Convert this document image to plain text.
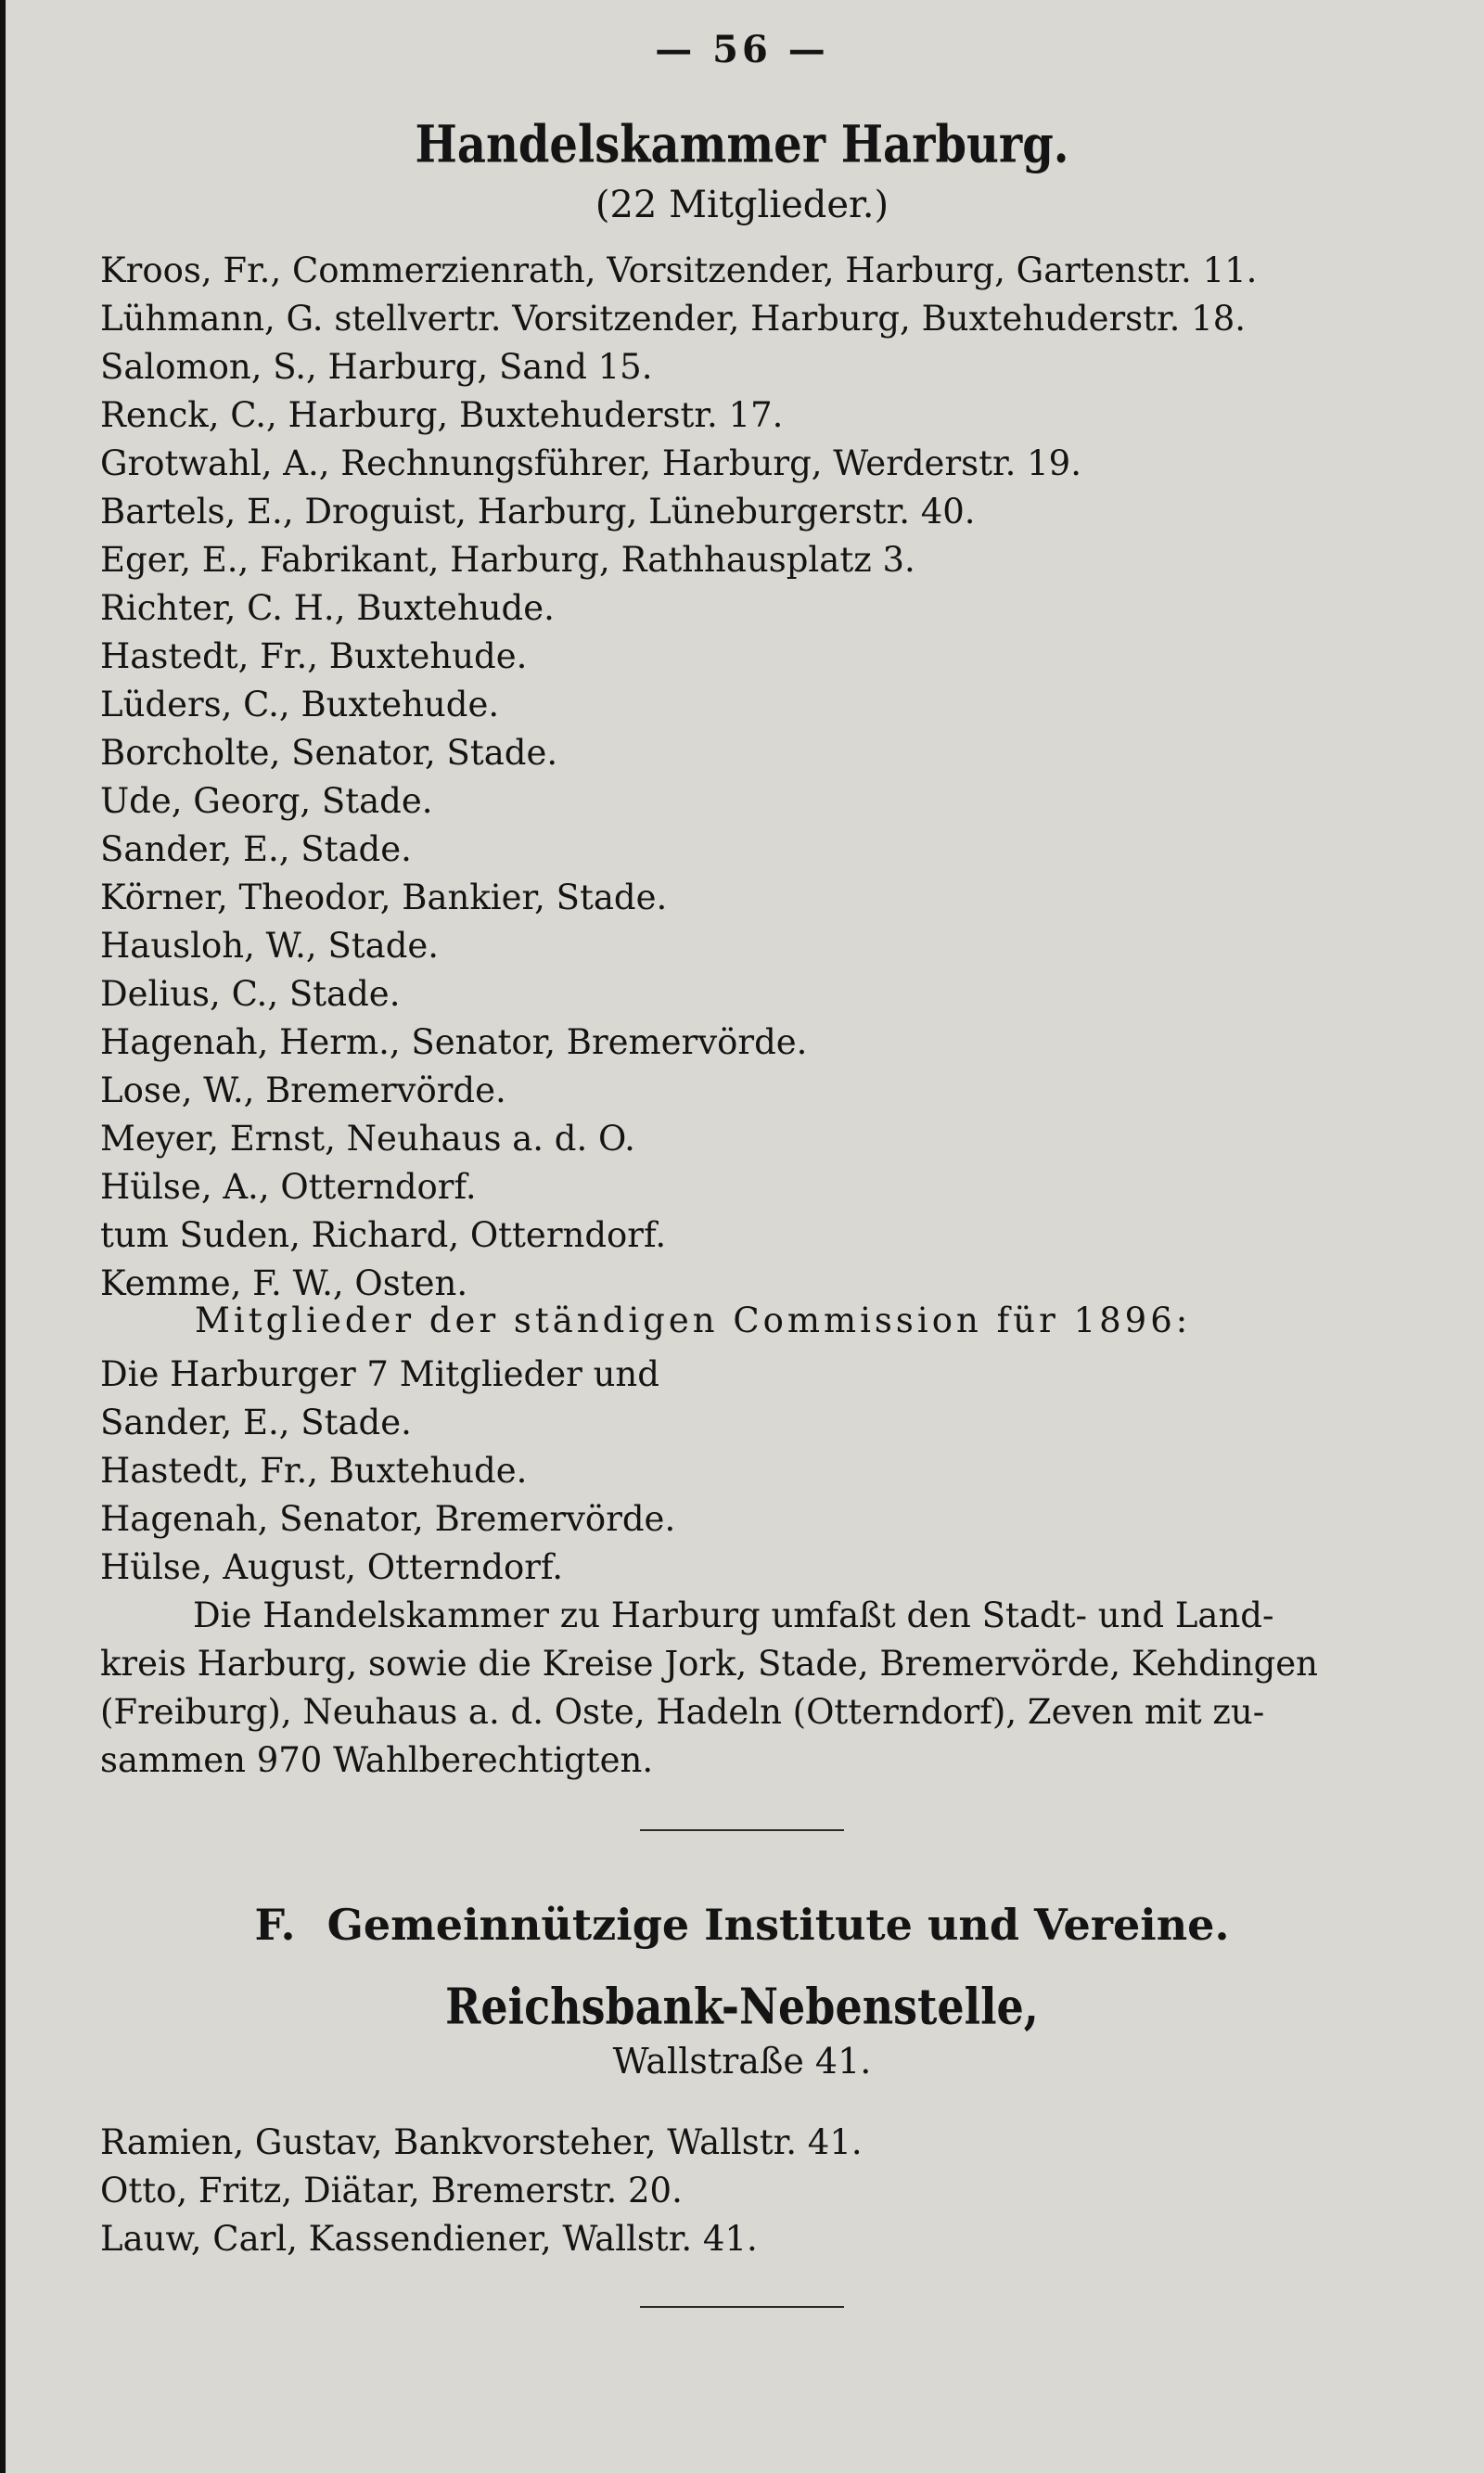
— 56 —
Handelskammer Harburg.
(22 Mitglieder.)
Kroos, Fr., Commerzienrath, Vorsitzender, Harburg, Gartenstr. 11.
Lühmann, G. stellvertr. Vorsitzender, Harburg, Buxtehuderstr. 18.
Salomon, S., Harburg, Sand 15.
Renck, C., Harburg, Buxtehuderstr. 17.
Grotwahl, A., Rechnungsführer, Harburg, Werderstr. 19.
Bartels, E., Droguist, Harburg, Lüneburgerstr. 40.
Eger, E., Fabrikant, Harburg, Rathhausplatz 3.
Richter, C. H., Buxtehude.
Hastedt, Fr., Buxtehude.
Lüders, C., Buxtehude.
Borcholte, Senator, Stade.
Ude, Georg, Stade.
Sander, E., Stade.
Körner, Theodor, Bankier, Stade.
Hausloh, W., Stade.
Delius, C., Stade.
Hagenah, Herm., Senator, Bremervörde.
Lose, W., Bremervörde.
Meyer, Ernst, Neuhaus a. d. O.
Hülse, A., Otterndorf.
tum Suden, Richard, Otterndorf.
Kemme, F. W., Osten.
Mitglieder der ständigen Commission für 1896:
Die Harburger 7 Mitglieder und
Sander, E., Stade.
Hastedt, Fr., Buxtehude.
Hagenah, Senator, Bremervörde.
Hülse, August, Otterndorf.

Die Handelskammer zu Harburg umfaßt den Stadt- und Land-
kreis Harburg, sowie die Kreise Jork, Stade, Bremervörde, Kehdingen
(Freiburg), Neuhaus a. d. Oste, Hadeln (Otterndorf), Zeven mit zu-
sammen 970 Wahlberechtigten.

F. Gemeinnützige Institute und Vereine.
Reichsbank-Nebenstelle,
Wallstraße 41.
Ramien, Gustav, Bankvorsteher, Wallstr. 41.
Otto, Fritz, Diätar, Bremerstr. 20.
Lauw, Carl, Kassendiener, Wallstr. 41.
